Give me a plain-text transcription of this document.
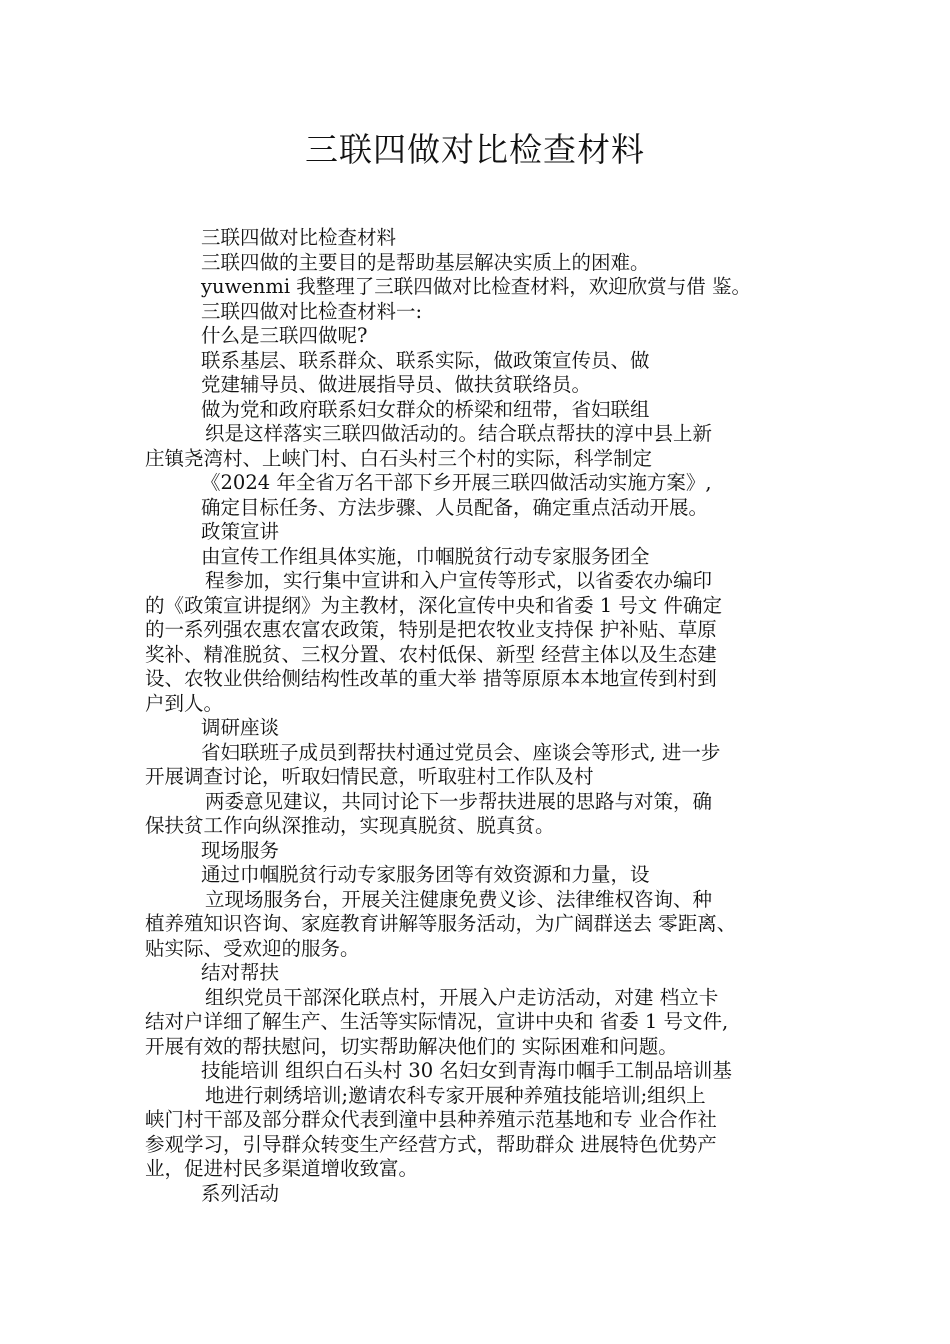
三联四做对比检查材料
三联四做对比检查材料
三联四做的主要目的是帮助基层解决实质上的困难。
yuwenmi 我整理了三联四做对比检查材料，欢迎欣赏与借 鉴。
三联四做对比检查材料一:
什么是三联四做呢?
联系基层、联系群众、联系实际，做政策宣传员、做
党建辅导员、做进展指导员、做扶贫联络员。
做为党和政府联系妇女群众的桥梁和纽带，省妇联组
织是这样落实三联四做活动的。结合联点帮扶的淳中县上新
庄镇尧湾村、上峡门村、白石头村三个村的实际，科学制定
《2024 年全省万名干部下乡开展三联四做活动实施方案》,
确定目标任务、方法步骤、人员配备，确定重点活动开展。
政策宣讲
由宣传工作组具体实施，巾帼脱贫行动专家服务团全
程参加，实行集中宣讲和入户宣传等形式，以省委农办编印
的《政策宣讲提纲》为主教材，深化宣传中央和省委 1 号文 件确定
的一系列强农惠农富农政策，特别是把农牧业支持保 护补贴、草原
奖补、精准脱贫、三权分置、农村低保、新型 经营主体以及生态建
设、农牧业供给侧结构性改革的重大举 措等原原本本地宣传到村到
户到人。
调研座谈
省妇联班子成员到帮扶村通过党员会、座谈会等形式, 进一步
开展调查讨论，听取妇情民意，听取驻村工作队及村
两委意见建议，共同讨论下一步帮扶进展的思路与对策，确
保扶贫工作向纵深推动，实现真脱贫、脱真贫。
现场服务
通过巾帼脱贫行动专家服务团等有效资源和力量，设
立现场服务台，开展关注健康免费义诊、法律维权咨询、种
植养殖知识咨询、家庭教育讲解等服务活动，为广阔群送去 零距离、
贴实际、受欢迎的服务。
结对帮扶
组织党员干部深化联点村，开展入户走访活动，对建 档立卡
结对户详细了解生产、生活等实际情况，宣讲中央和 省委 1 号文件,
开展有效的帮扶慰问，切实帮助解决他们的 实际困难和问题。
技能培训 组织白石头村 30 名妇女到青海巾帼手工制品培训基
地进行刺绣培训;邀请农科专家开展种养殖技能培训;组织上
峡门村干部及部分群众代表到潼中县种养殖示范基地和专 业合作社
参观学习，引导群众转变生产经营方式，帮助群众 进展特色优势产
业，促进村民多渠道增收致富。
系列活动
